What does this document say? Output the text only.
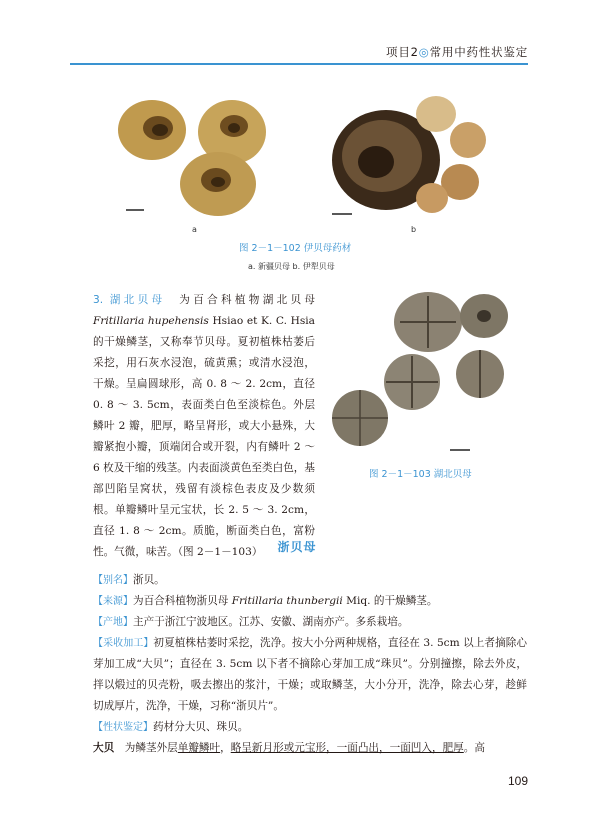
项目2◎常用中药性状鉴定
a	b
图 2－1－102 伊贝母药材
a. 新疆贝母 b. 伊犁贝母
图 2－1－103 湖北贝母
3. 湖北贝母　为百合科植物湖北贝母Fritillaria hupehensis Hsiao et K. C. Hsia 的干燥鳞茎，又称奉节贝母。夏初植株枯萎后采挖，用石灰水浸泡，硫黄熏；或清水浸泡，干燥。呈扁圆球形，高 0. 8 ～ 2. 2cm，直径 0. 8 ～ 3. 5cm，表面类白色至淡棕色。外层鳞叶 2 瓣，肥厚，略呈肾形，或大小悬殊，大瓣紧抱小瓣，顶端闭合或开裂，内有鳞叶 2 ～ 6 枚及干缩的残茎。内表面淡黄色至类白色，基部凹陷呈窝状，残留有淡棕色表皮及少数须根。单瓣鳞叶呈元宝状，长 2. 5 ～ 3. 2cm，直径 1. 8 ～ 2cm。质脆，断面类白色，富粉性。气微，味苦。（图 2－1－103）	浙贝母
【别名】浙贝。
【来源】为百合科植物浙贝母 Fritillaria thunbergii Miq. 的干燥鳞茎。
【产地】主产于浙江宁波地区。江苏、安徽、湖南亦产。多系栽培。
【采收加工】初夏植株枯萎时采挖，洗净。按大小分两种规格，直径在 3. 5cm 以上者摘除心芽加工成“大贝”；直径在 3. 5cm 以下者不摘除心芽加工成“珠贝”。分别撞擦，除去外皮，拌以煅过的贝壳粉，吸去擦出的浆汁，干燥；或取鳞茎，大小分开，洗净，除去心芽，趁鲜切成厚片，洗净，干燥，习称“浙贝片”。
【性状鉴定】药材分大贝、珠贝。
大贝　为鳞茎外层单瓣鳞叶，略呈新月形或元宝形，一面凸出，一面凹入，肥厚。高
109
